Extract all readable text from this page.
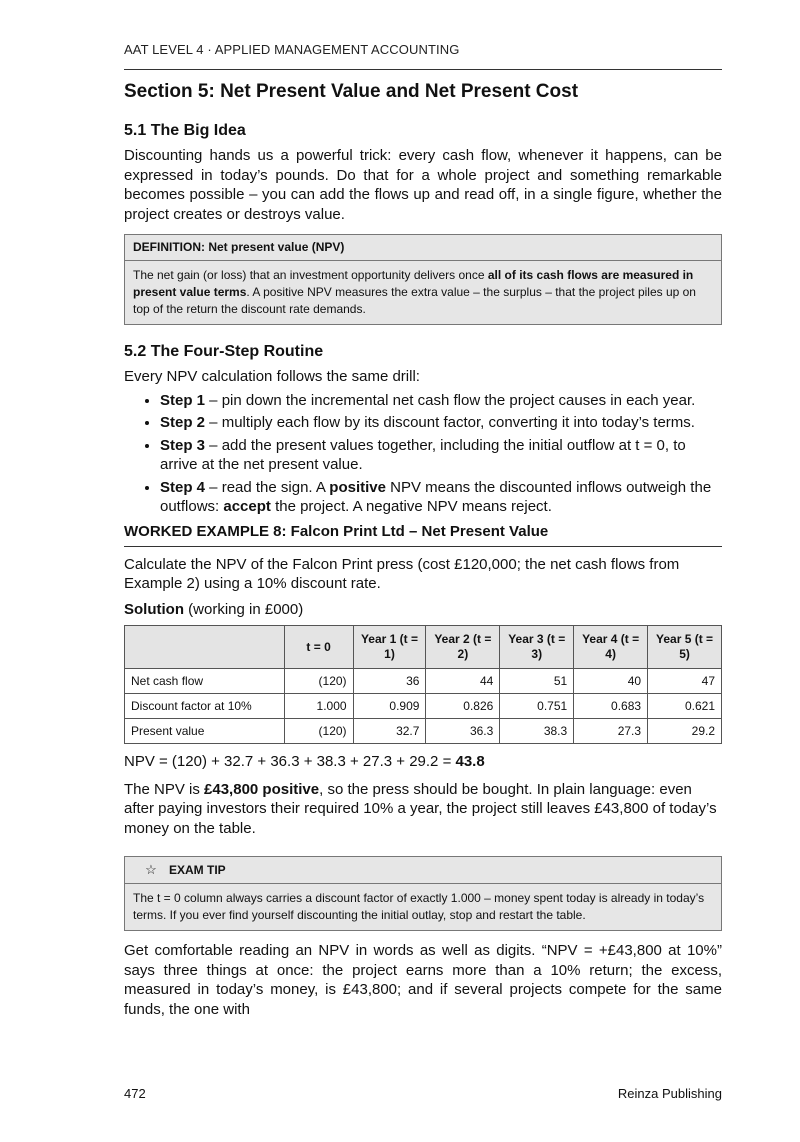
AAT LEVEL 4 · APPLIED MANAGEMENT ACCOUNTING
Section 5: Net Present Value and Net Present Cost
5.1 The Big Idea

Discounting hands us a powerful trick: every cash flow, whenever it happens, can be expressed in today’s pounds. Do that for a whole project and something remarkable becomes possible – you can add the flows up and read off, in a single figure, whether the project creates or destroys value.

DEFINITION: Net present value (NPV)
The net gain (or loss) that an investment opportunity delivers once all of its cash flows are measured in present value terms. A positive NPV measures the extra value – the surplus – that the project piles up on top of the return the discount rate demands.
5.2 The Four-Step Routine

Every NPV calculation follows the same drill:

• Step 1 – pin down the incremental net cash flow the project causes in each year.
• Step 2 – multiply each flow by its discount factor, converting it into today’s terms.
• Step 3 – add the present values together, including the initial outflow at t = 0, to arrive at the net present value.
• Step 4 – read the sign. A positive NPV means the discounted inflows outweigh the outflows: accept the project. A negative NPV means reject.
WORKED EXAMPLE 8: Falcon Print Ltd – Net Present Value

Calculate the NPV of the Falcon Print press (cost £120,000; the net cash flows from Example 2) using a 10% discount rate.

Solution (working in £000)

	t = 0	Year 1 (t = 1)	Year 2 (t = 2)	Year 3 (t = 3)	Year 4 (t = 4)	Year 5 (t = 5)
Net cash flow	(120)	36	44	51	40	47
Discount factor at 10%	1.000	0.909	0.826	0.751	0.683	0.621
Present value	(120)	32.7	36.3	38.3	27.3	29.2

NPV = (120) + 32.7 + 36.3 + 38.3 + 27.3 + 29.2 = 43.8

The NPV is £43,800 positive, so the press should be bought. In plain language: even after paying investors their required 10% a year, the project still leaves £43,800 of today’s money on the table.

☆ EXAM TIP
The t = 0 column always carries a discount factor of exactly 1.000 – money spent today is already in today’s terms. If you ever find yourself discounting the initial outlay, stop and restart the table.

Get comfortable reading an NPV in words as well as digits. “NPV = +£43,800 at 10%” says three things at once: the project earns more than a 10% return; the excess, measured in today’s money, is £43,800; and if several projects compete for the same funds, the one with

472	Reinza Publishing
